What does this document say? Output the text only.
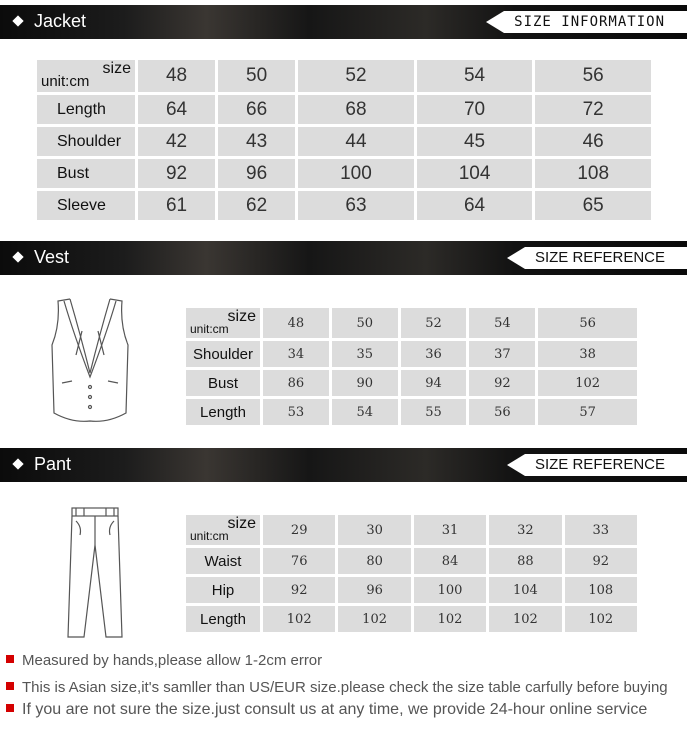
Jacket	SIZE INFORMATION
size
unit:cm	48	50	52	54	56
Length	64	66	68	70	72
Shoulder	42	43	44	45	46
Bust	92	96	100	104	108
Sleeve	61	62	63	64	65
Vest	SIZE REFERENCE
size
unit:cm	48	50	52	54	56
Shoulder	34	35	36	37	38
Bust	86	90	94	92	102
Length	53	54	55	56	57
Pant	SIZE REFERENCE
size
unit:cm	29	30	31	32	33
Waist	76	80	84	88	92
Hip	92	96	100	104	108
Length	102	102	102	102	102
Measured by hands,please allow 1-2cm error
This is Asian size,it's samller than US/EUR size.please check the size table carfully before buying
If you are not sure the size.just consult us at any time, we provide 24-hour online service
